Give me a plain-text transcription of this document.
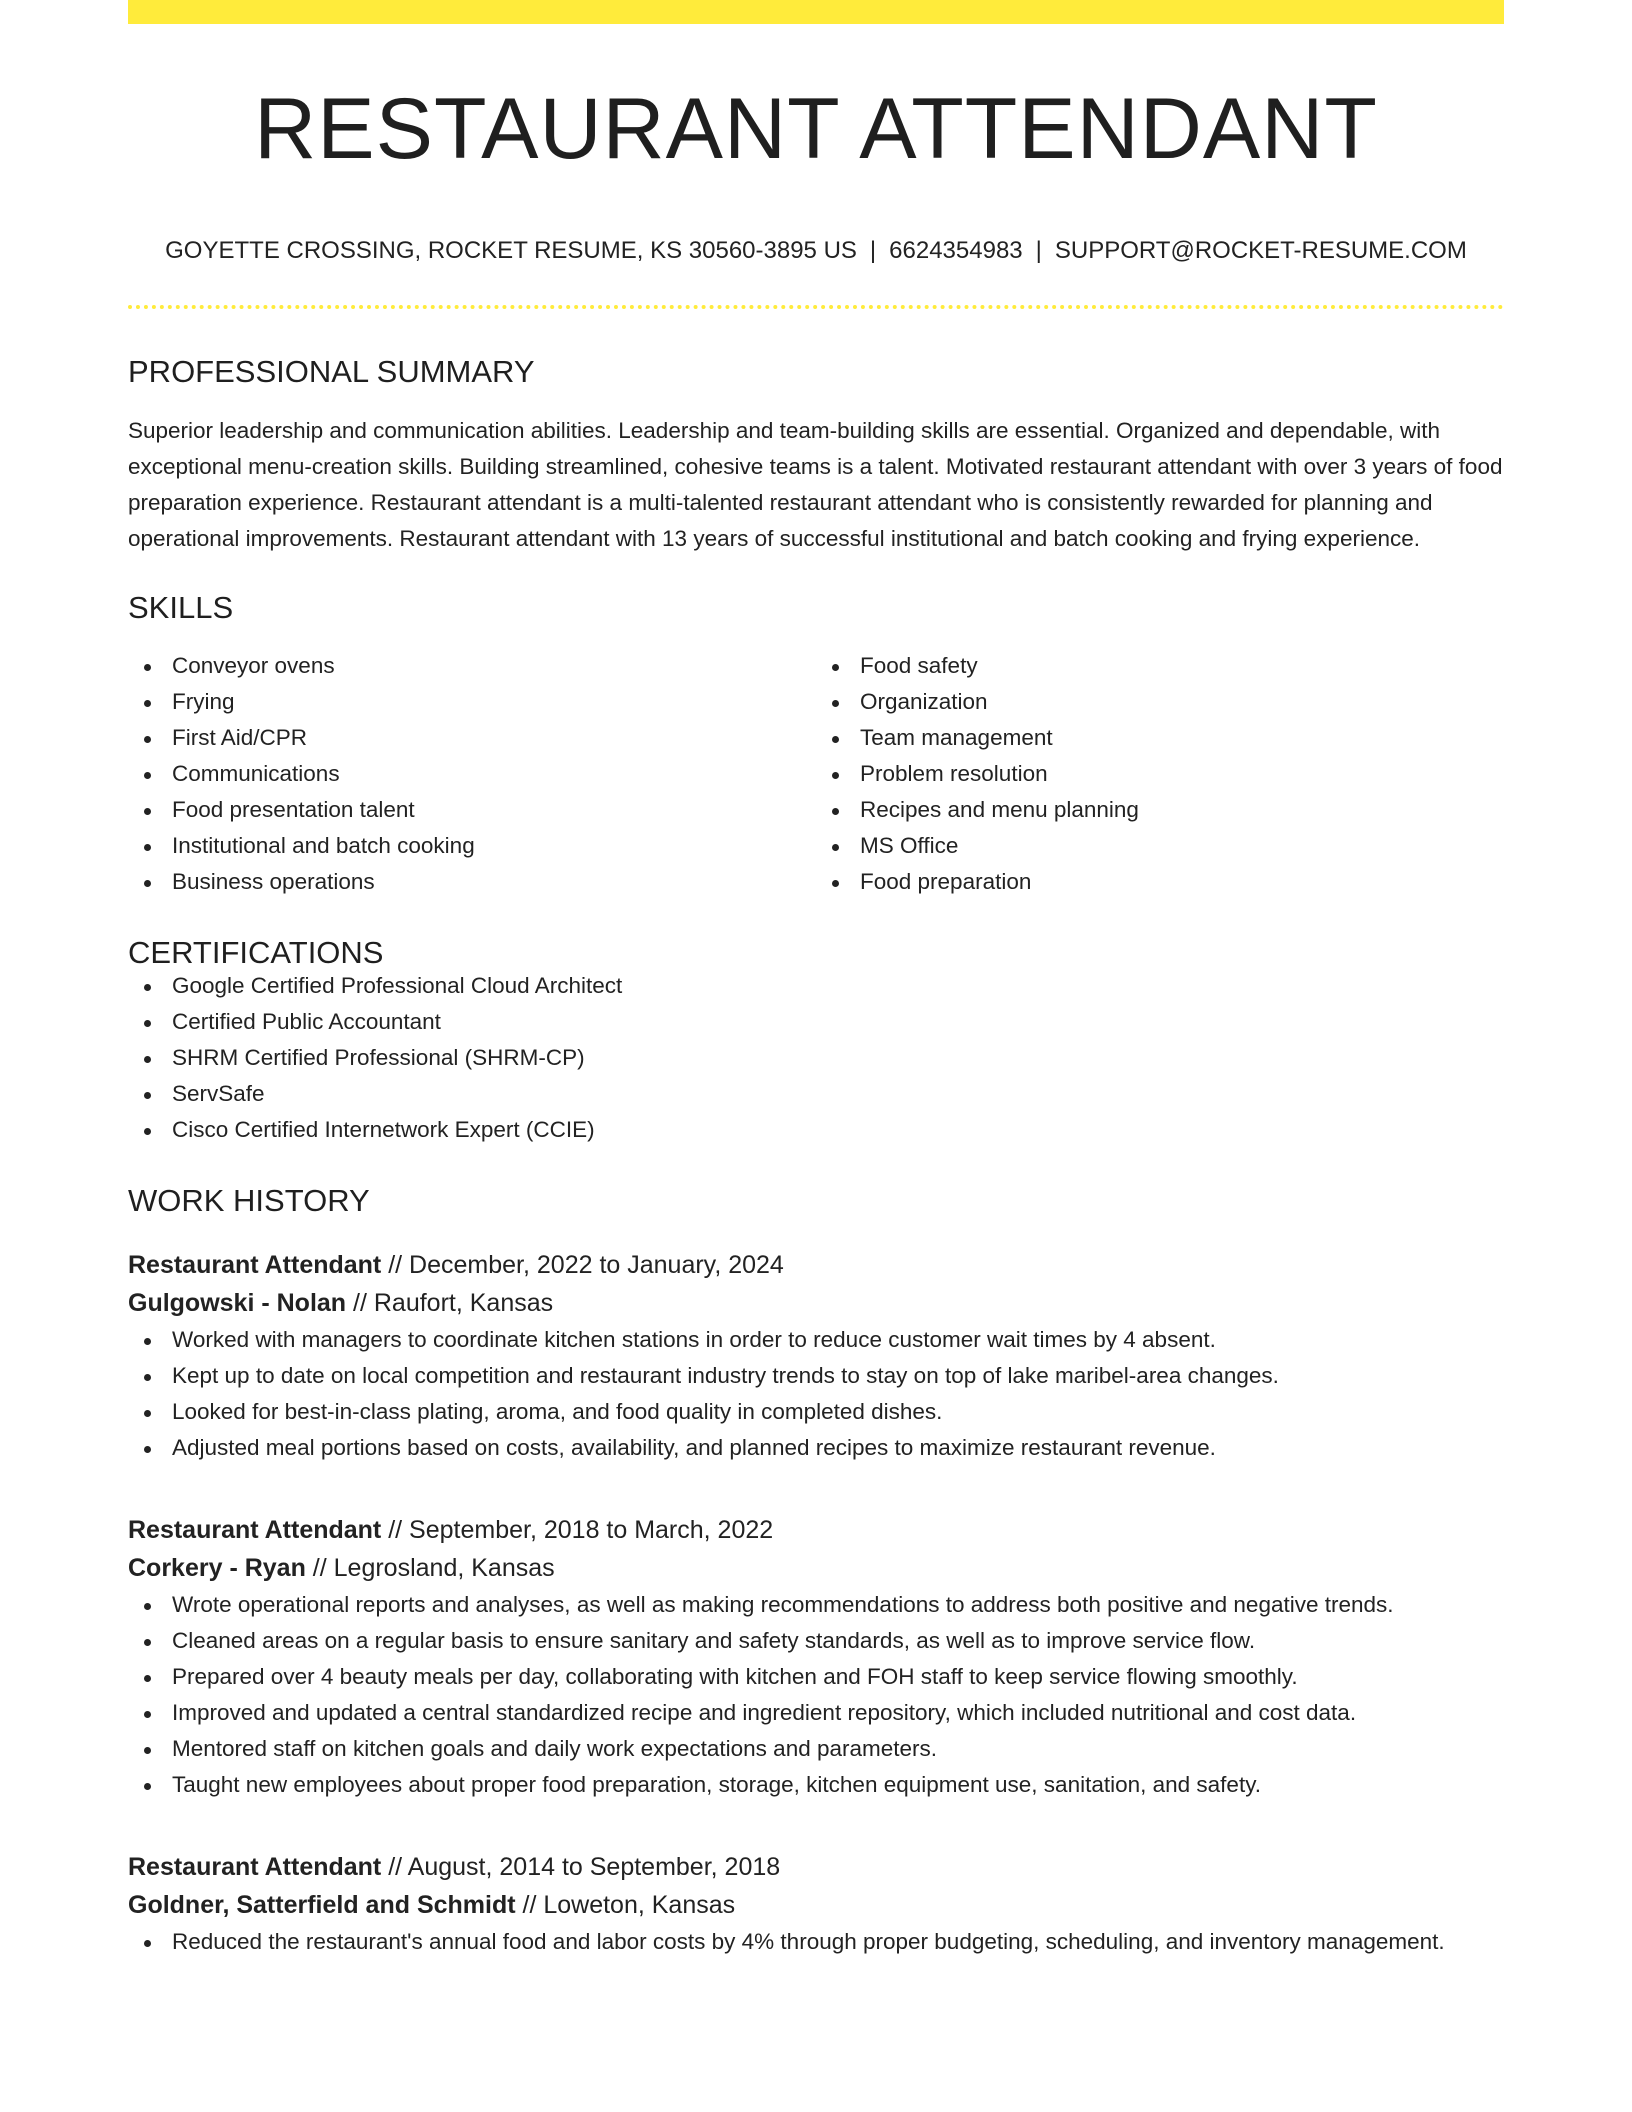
RESTAURANT ATTENDANT
GOYETTE CROSSING, ROCKET RESUME, KS 30560-3895 US | 6624354983 | SUPPORT@ROCKET-RESUME.COM
PROFESSIONAL SUMMARY

Superior leadership and communication abilities. Leadership and team-building skills are essential. Organized and dependable, with exceptional menu-creation skills. Building streamlined, cohesive teams is a talent. Motivated restaurant attendant with over 3 years of food preparation experience. Restaurant attendant is a multi-talented restaurant attendant who is consistently rewarded for planning and operational improvements. Restaurant attendant with 13 years of successful institutional and batch cooking and frying experience.

SKILLS
Conveyor ovens
Frying
First Aid/CPR
Communications
Food presentation talent
Institutional and batch cooking
Business operations
Food safety
Organization
Team management
Problem resolution
Recipes and menu planning
MS Office
Food preparation
CERTIFICATIONS
Google Certified Professional Cloud Architect
Certified Public Accountant
SHRM Certified Professional (SHRM-CP)
ServSafe
Cisco Certified Internetwork Expert (CCIE)
WORK HISTORY
Restaurant Attendant // December, 2022 to January, 2024
Gulgowski - Nolan // Raufort, Kansas
Worked with managers to coordinate kitchen stations in order to reduce customer wait times by 4 absent.
Kept up to date on local competition and restaurant industry trends to stay on top of lake maribel-area changes.
Looked for best-in-class plating, aroma, and food quality in completed dishes.
Adjusted meal portions based on costs, availability, and planned recipes to maximize restaurant revenue.
Restaurant Attendant // September, 2018 to March, 2022
Corkery - Ryan // Legrosland, Kansas
Wrote operational reports and analyses, as well as making recommendations to address both positive and negative trends.
Cleaned areas on a regular basis to ensure sanitary and safety standards, as well as to improve service flow.
Prepared over 4 beauty meals per day, collaborating with kitchen and FOH staff to keep service flowing smoothly.
Improved and updated a central standardized recipe and ingredient repository, which included nutritional and cost data.
Mentored staff on kitchen goals and daily work expectations and parameters.
Taught new employees about proper food preparation, storage, kitchen equipment use, sanitation, and safety.
Restaurant Attendant // August, 2014 to September, 2018
Goldner, Satterfield and Schmidt // Loweton, Kansas
Reduced the restaurant's annual food and labor costs by 4% through proper budgeting, scheduling, and inventory management.
